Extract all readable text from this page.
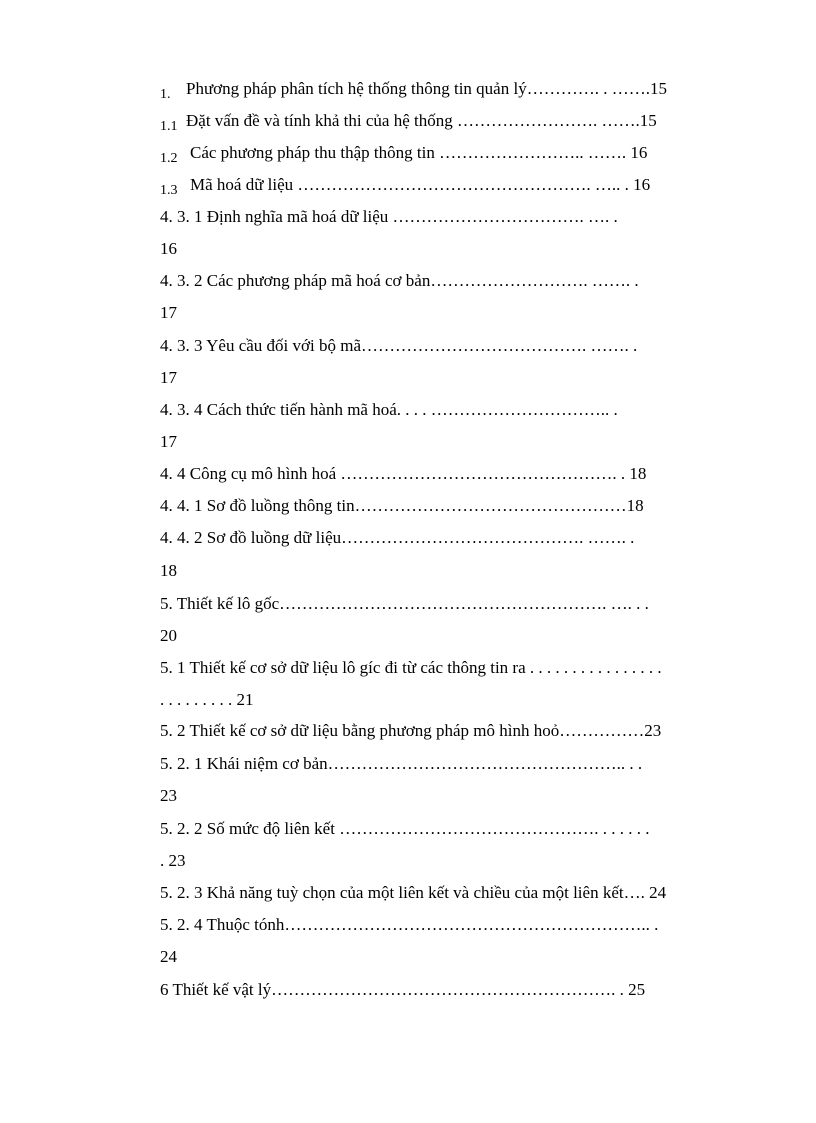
1. Phương pháp phân tích hệ thống thông tin quản lý…………. . …….15
1.1 Đặt vấn đề và tính khả thi của hệ thống ……………………. …….15
1.2 Các phương pháp thu thập thông tin …………………….. ……. 16
1.3 Mã hoá dữ liệu ……………………………………………. ….. . 16
4. 3. 1 Định nghĩa mã hoá dữ liệu ……………………………. …. .
16
4. 3. 2 Các phương pháp mã hoá cơ bản………………………. ……. .
17
4. 3. 3 Yêu cầu đối với bộ mã…………………………………. ……. .
17
4. 3. 4 Cách thức tiến hành mã hoá. . . . ………………………….. .
17
4. 4 Công cụ mô hình hoá …………………………………………. . 18
4. 4. 1 Sơ đồ luồng thông tin…………………………………………18
4. 4. 2 Sơ đồ luồng dữ liệu……………………………………. ……. .
18
5. Thiết kế lô gốc…………………………………………………. …. . .
20
5. 1 Thiết kế cơ sở dữ liệu lô gíc đi từ các thông tin ra . . . . . . . . . . . . . . . .
. . . . . . . . . 21
5. 2 Thiết kế cơ sở dữ liệu bằng phương pháp mô hình hoỏ……………23
5. 2. 1 Khái niệm cơ bản…………………………………………….. . .
23
5. 2. 2 Số mức độ liên kết ………………………………………. . . . . . .
. 23
5. 2. 3 Khả năng tuỳ chọn của một liên kết và chiều của một liên kết…. 24
5. 2. 4 Thuộc tónh……………………………………………………….. .
24
6 Thiết kế vật lý……………………………………………………. . 25
